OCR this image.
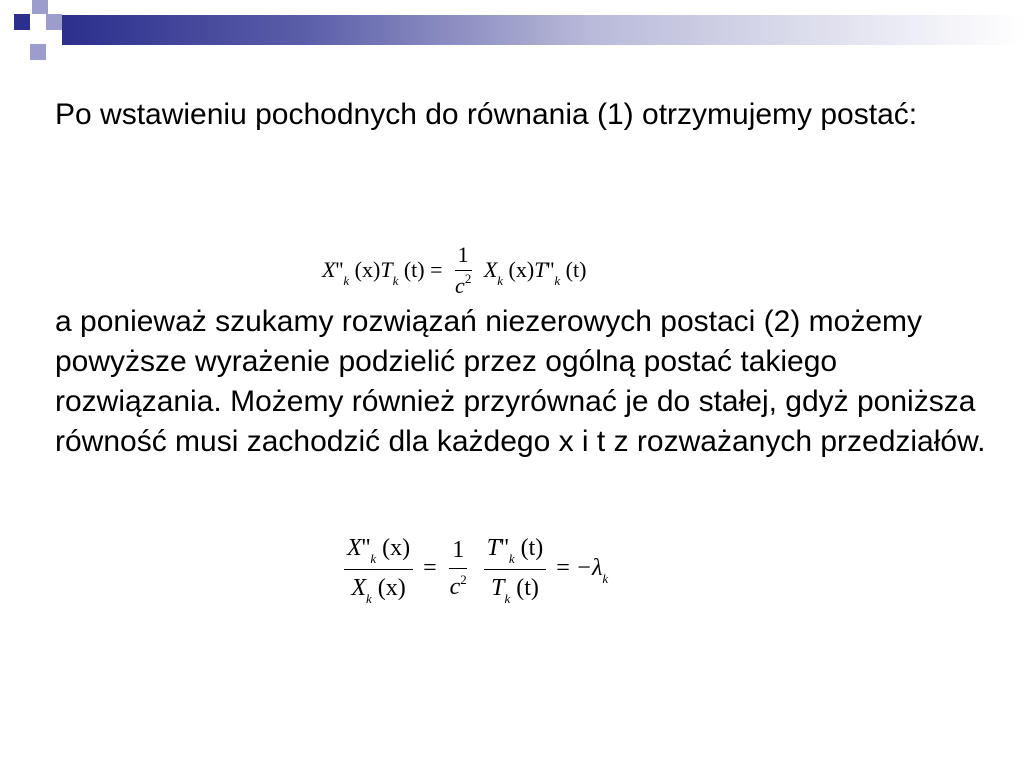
Po wstawieniu pochodnych do równania (1) otrzymujemy postać:

$X''_k$ $(x)T_k$ $(t) = \frac{1}{c^2} X_k$ $(x)T''_k$ (t)

a ponieważ szukamy rozwiązań niezerowych postaci (2) możemy powyższe wyrażenie podzielić przez ogólną postać takiego rozwiązania. Możemy również przyrównać je do stałej, gdyż poniższa równość musi zachodzić dla każdego x i t z rozważanych przedziałów.

$\frac{X''_k (x)}{X_k (x)} = \frac{1}{c^2}$
$\frac{T''_k (t)}{T_k (t)} = -\lambda_k$
